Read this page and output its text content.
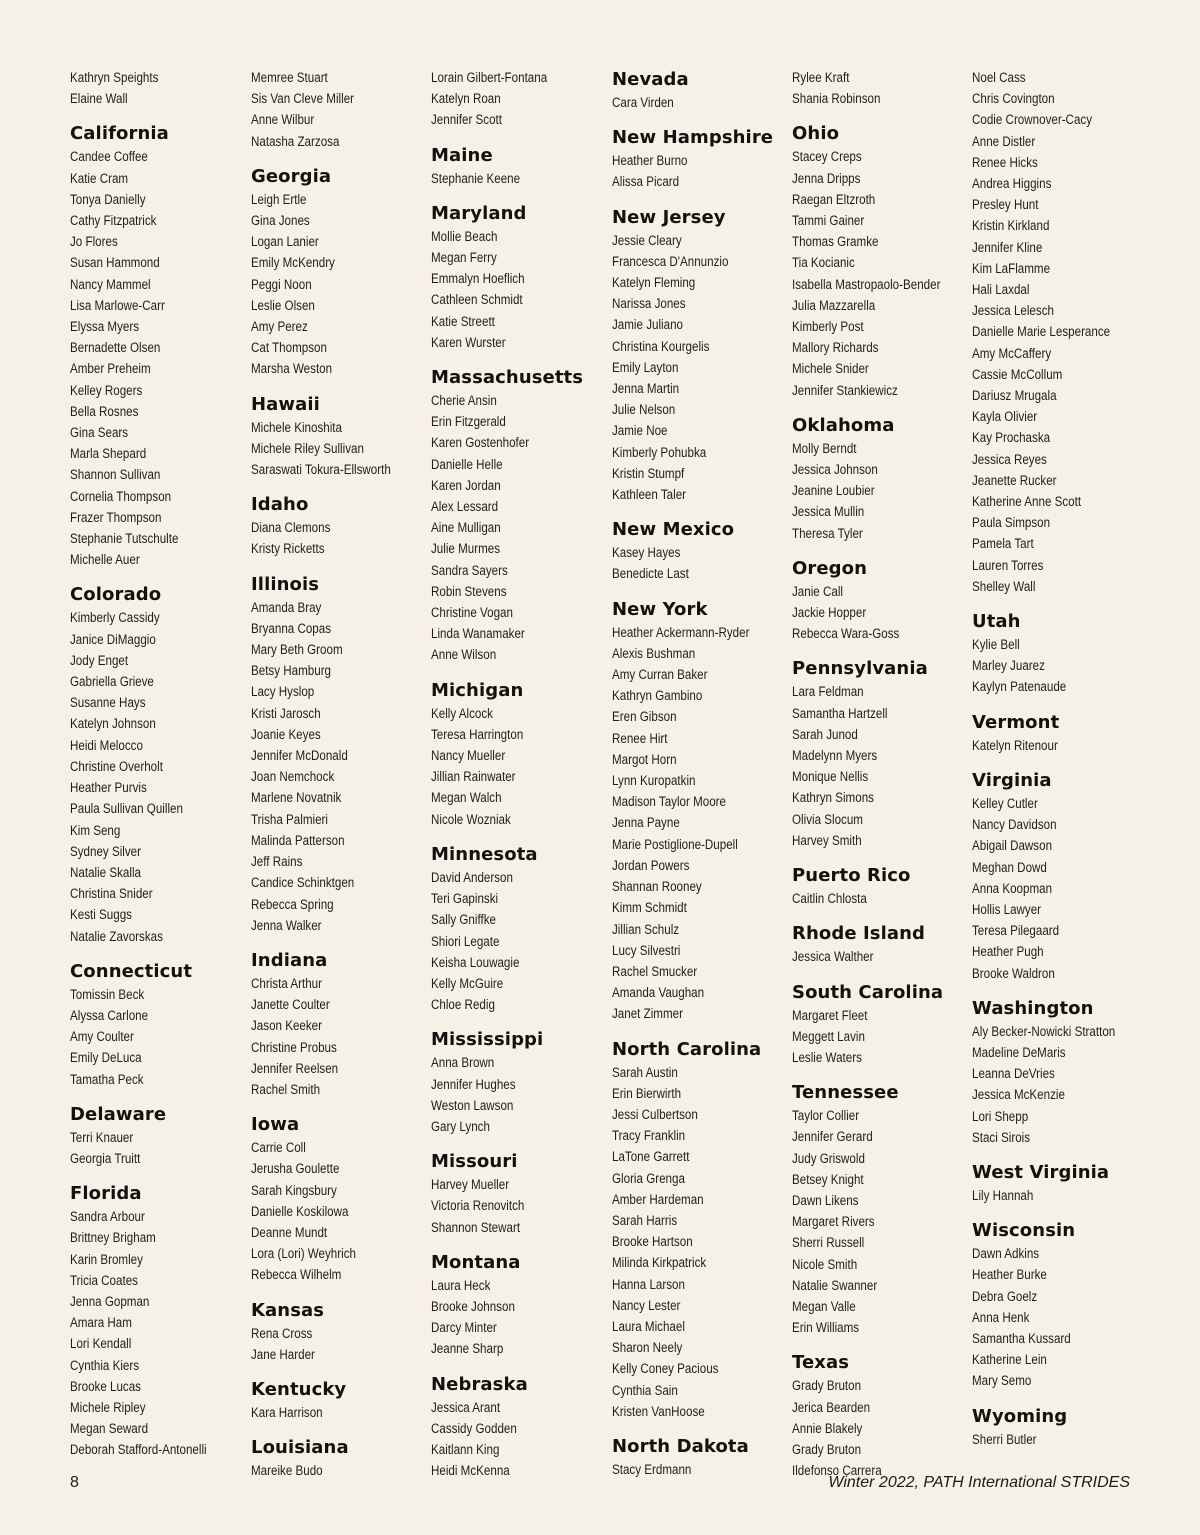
Kathryn Speights
Elaine Wall
California
Candee Coffee
Katie Cram
Tonya Danielly
Cathy Fitzpatrick
Jo Flores
Susan Hammond
Nancy Mammel
Lisa Marlowe-Carr
Elyssa Myers
Bernadette Olsen
Amber Preheim
Kelley Rogers
Bella Rosnes
Gina Sears
Marla Shepard
Shannon Sullivan
Cornelia Thompson
Frazer Thompson
Stephanie Tutschulte
Michelle Auer
Colorado
Kimberly Cassidy
Janice DiMaggio
Jody Enget
Gabriella Grieve
Susanne Hays
Katelyn Johnson
Heidi Melocco
Christine Overholt
Heather Purvis
Paula Sullivan Quillen
Kim Seng
Sydney Silver
Natalie Skalla
Christina Snider
Kesti Suggs
Natalie Zavorskas
Connecticut
Tomissin Beck
Alyssa Carlone
Amy Coulter
Emily DeLuca
Tamatha Peck
Delaware
Terri Knauer
Georgia Truitt
Florida
Sandra Arbour
Brittney Brigham
Karin Bromley
Tricia Coates
Jenna Gopman
Amara Ham
Lori Kendall
Cynthia Kiers
Brooke Lucas
Michele Ripley
Megan Seward
Deborah Stafford-Antonelli
Memree Stuart
Sis Van Cleve Miller
Anne Wilbur
Natasha Zarzosa
Georgia
Leigh Ertle
Gina Jones
Logan Lanier
Emily McKendry
Peggi Noon
Leslie Olsen
Amy Perez
Cat Thompson
Marsha Weston
Hawaii
Michele Kinoshita
Michele Riley Sullivan
Saraswati Tokura-Ellsworth
Idaho
Diana Clemons
Kristy Ricketts
Illinois
Amanda Bray
Bryanna Copas
Mary Beth Groom
Betsy Hamburg
Lacy Hyslop
Kristi Jarosch
Joanie Keyes
Jennifer McDonald
Joan Nemchock
Marlene Novatnik
Trisha Palmieri
Malinda Patterson
Jeff Rains
Candice Schinktgen
Rebecca Spring
Jenna Walker
Indiana
Christa Arthur
Janette Coulter
Jason Keeker
Christine Probus
Jennifer Reelsen
Rachel Smith
Iowa
Carrie Coll
Jerusha Goulette
Sarah Kingsbury
Danielle Koskilowa
Deanne Mundt
Lora (Lori) Weyhrich
Rebecca Wilhelm
Kansas
Rena Cross
Jane Harder
Kentucky
Kara Harrison
Louisiana
Mareike Budo
Lorain Gilbert-Fontana
Katelyn Roan
Jennifer Scott
Maine
Stephanie Keene
Maryland
Mollie Beach
Megan Ferry
Emmalyn Hoeflich
Cathleen Schmidt
Katie Streett
Karen Wurster
Massachusetts
Cherie Ansin
Erin Fitzgerald
Karen Gostenhofer
Danielle Helle
Karen Jordan
Alex Lessard
Aine Mulligan
Julie Murmes
Sandra Sayers
Robin Stevens
Christine Vogan
Linda Wanamaker
Anne Wilson
Michigan
Kelly Alcock
Teresa Harrington
Nancy Mueller
Jillian Rainwater
Megan Walch
Nicole Wozniak
Minnesota
David Anderson
Teri Gapinski
Sally Gniffke
Shiori Legate
Keisha Louwagie
Kelly McGuire
Chloe Redig
Mississippi
Anna Brown
Jennifer Hughes
Weston Lawson
Gary Lynch
Missouri
Harvey Mueller
Victoria Renovitch
Shannon Stewart
Montana
Laura Heck
Brooke Johnson
Darcy Minter
Jeanne Sharp
Nebraska
Jessica Arant
Cassidy Godden
Kaitlann King
Heidi McKenna
Nevada
Cara Virden
New Hampshire
Heather Burno
Alissa Picard
New Jersey
Jessie Cleary
Francesca D'Annunzio
Katelyn Fleming
Narissa Jones
Jamie Juliano
Christina Kourgelis
Emily Layton
Jenna Martin
Julie Nelson
Jamie Noe
Kimberly Pohubka
Kristin Stumpf
Kathleen Taler
New Mexico
Kasey Hayes
Benedicte Last
New York
Heather Ackermann-Ryder
Alexis Bushman
Amy Curran Baker
Kathryn Gambino
Eren Gibson
Renee Hirt
Margot Horn
Lynn Kuropatkin
Madison Taylor Moore
Jenna Payne
Marie Postiglione-Dupell
Jordan Powers
Shannan Rooney
Kimm Schmidt
Jillian Schulz
Lucy Silvestri
Rachel Smucker
Amanda Vaughan
Janet Zimmer
North Carolina
Sarah Austin
Erin Bierwirth
Jessi Culbertson
Tracy Franklin
LaTone Garrett
Gloria Grenga
Amber Hardeman
Sarah Harris
Brooke Hartson
Milinda Kirkpatrick
Hanna Larson
Nancy Lester
Laura Michael
Sharon Neely
Kelly Coney Pacious
Cynthia Sain
Kristen VanHoose
North Dakota
Stacy Erdmann
Rylee Kraft
Shania Robinson
Ohio
Stacey Creps
Jenna Dripps
Raegan Eltzroth
Tammi Gainer
Thomas Gramke
Tia Kocianic
Isabella Mastropaolo-Bender
Julia Mazzarella
Kimberly Post
Mallory Richards
Michele Snider
Jennifer Stankiewicz
Oklahoma
Molly Berndt
Jessica Johnson
Jeanine Loubier
Jessica Mullin
Theresa Tyler
Oregon
Janie Call
Jackie Hopper
Rebecca Wara-Goss
Pennsylvania
Lara Feldman
Samantha Hartzell
Sarah Junod
Madelynn Myers
Monique Nellis
Kathryn Simons
Olivia Slocum
Harvey Smith
Puerto Rico
Caitlin Chlosta
Rhode Island
Jessica Walther
South Carolina
Margaret Fleet
Meggett Lavin
Leslie Waters
Tennessee
Taylor Collier
Jennifer Gerard
Judy Griswold
Betsey Knight
Dawn Likens
Margaret Rivers
Sherri Russell
Nicole Smith
Natalie Swanner
Megan Valle
Erin Williams
Texas
Grady Bruton
Jerica Bearden
Annie Blakely
Grady Bruton
Ildefonso Carrera
Noel Cass
Chris Covington
Codie Crownover-Cacy
Anne Distler
Renee Hicks
Andrea Higgins
Presley Hunt
Kristin Kirkland
Jennifer Kline
Kim LaFlamme
Hali Laxdal
Jessica Lelesch
Danielle Marie Lesperance
Amy McCaffery
Cassie McCollum
Dariusz Mrugala
Kayla Olivier
Kay Prochaska
Jessica Reyes
Jeanette Rucker
Katherine Anne Scott
Paula Simpson
Pamela Tart
Lauren Torres
Shelley Wall
Utah
Kylie Bell
Marley Juarez
Kaylyn Patenaude
Vermont
Katelyn Ritenour
Virginia
Kelley Cutler
Nancy Davidson
Abigail Dawson
Meghan Dowd
Anna Koopman
Hollis Lawyer
Teresa Pilegaard
Heather Pugh
Brooke Waldron
Washington
Aly Becker-Nowicki Stratton
Madeline DeMaris
Leanna DeVries
Jessica McKenzie
Lori Shepp
Staci Sirois
West Virginia
Lily Hannah
Wisconsin
Dawn Adkins
Heather Burke
Debra Goelz
Anna Henk
Samantha Kussard
Katherine Lein
Mary Semo
Wyoming
Sherri Butler
8	Winter 2022, PATH International STRIDES
